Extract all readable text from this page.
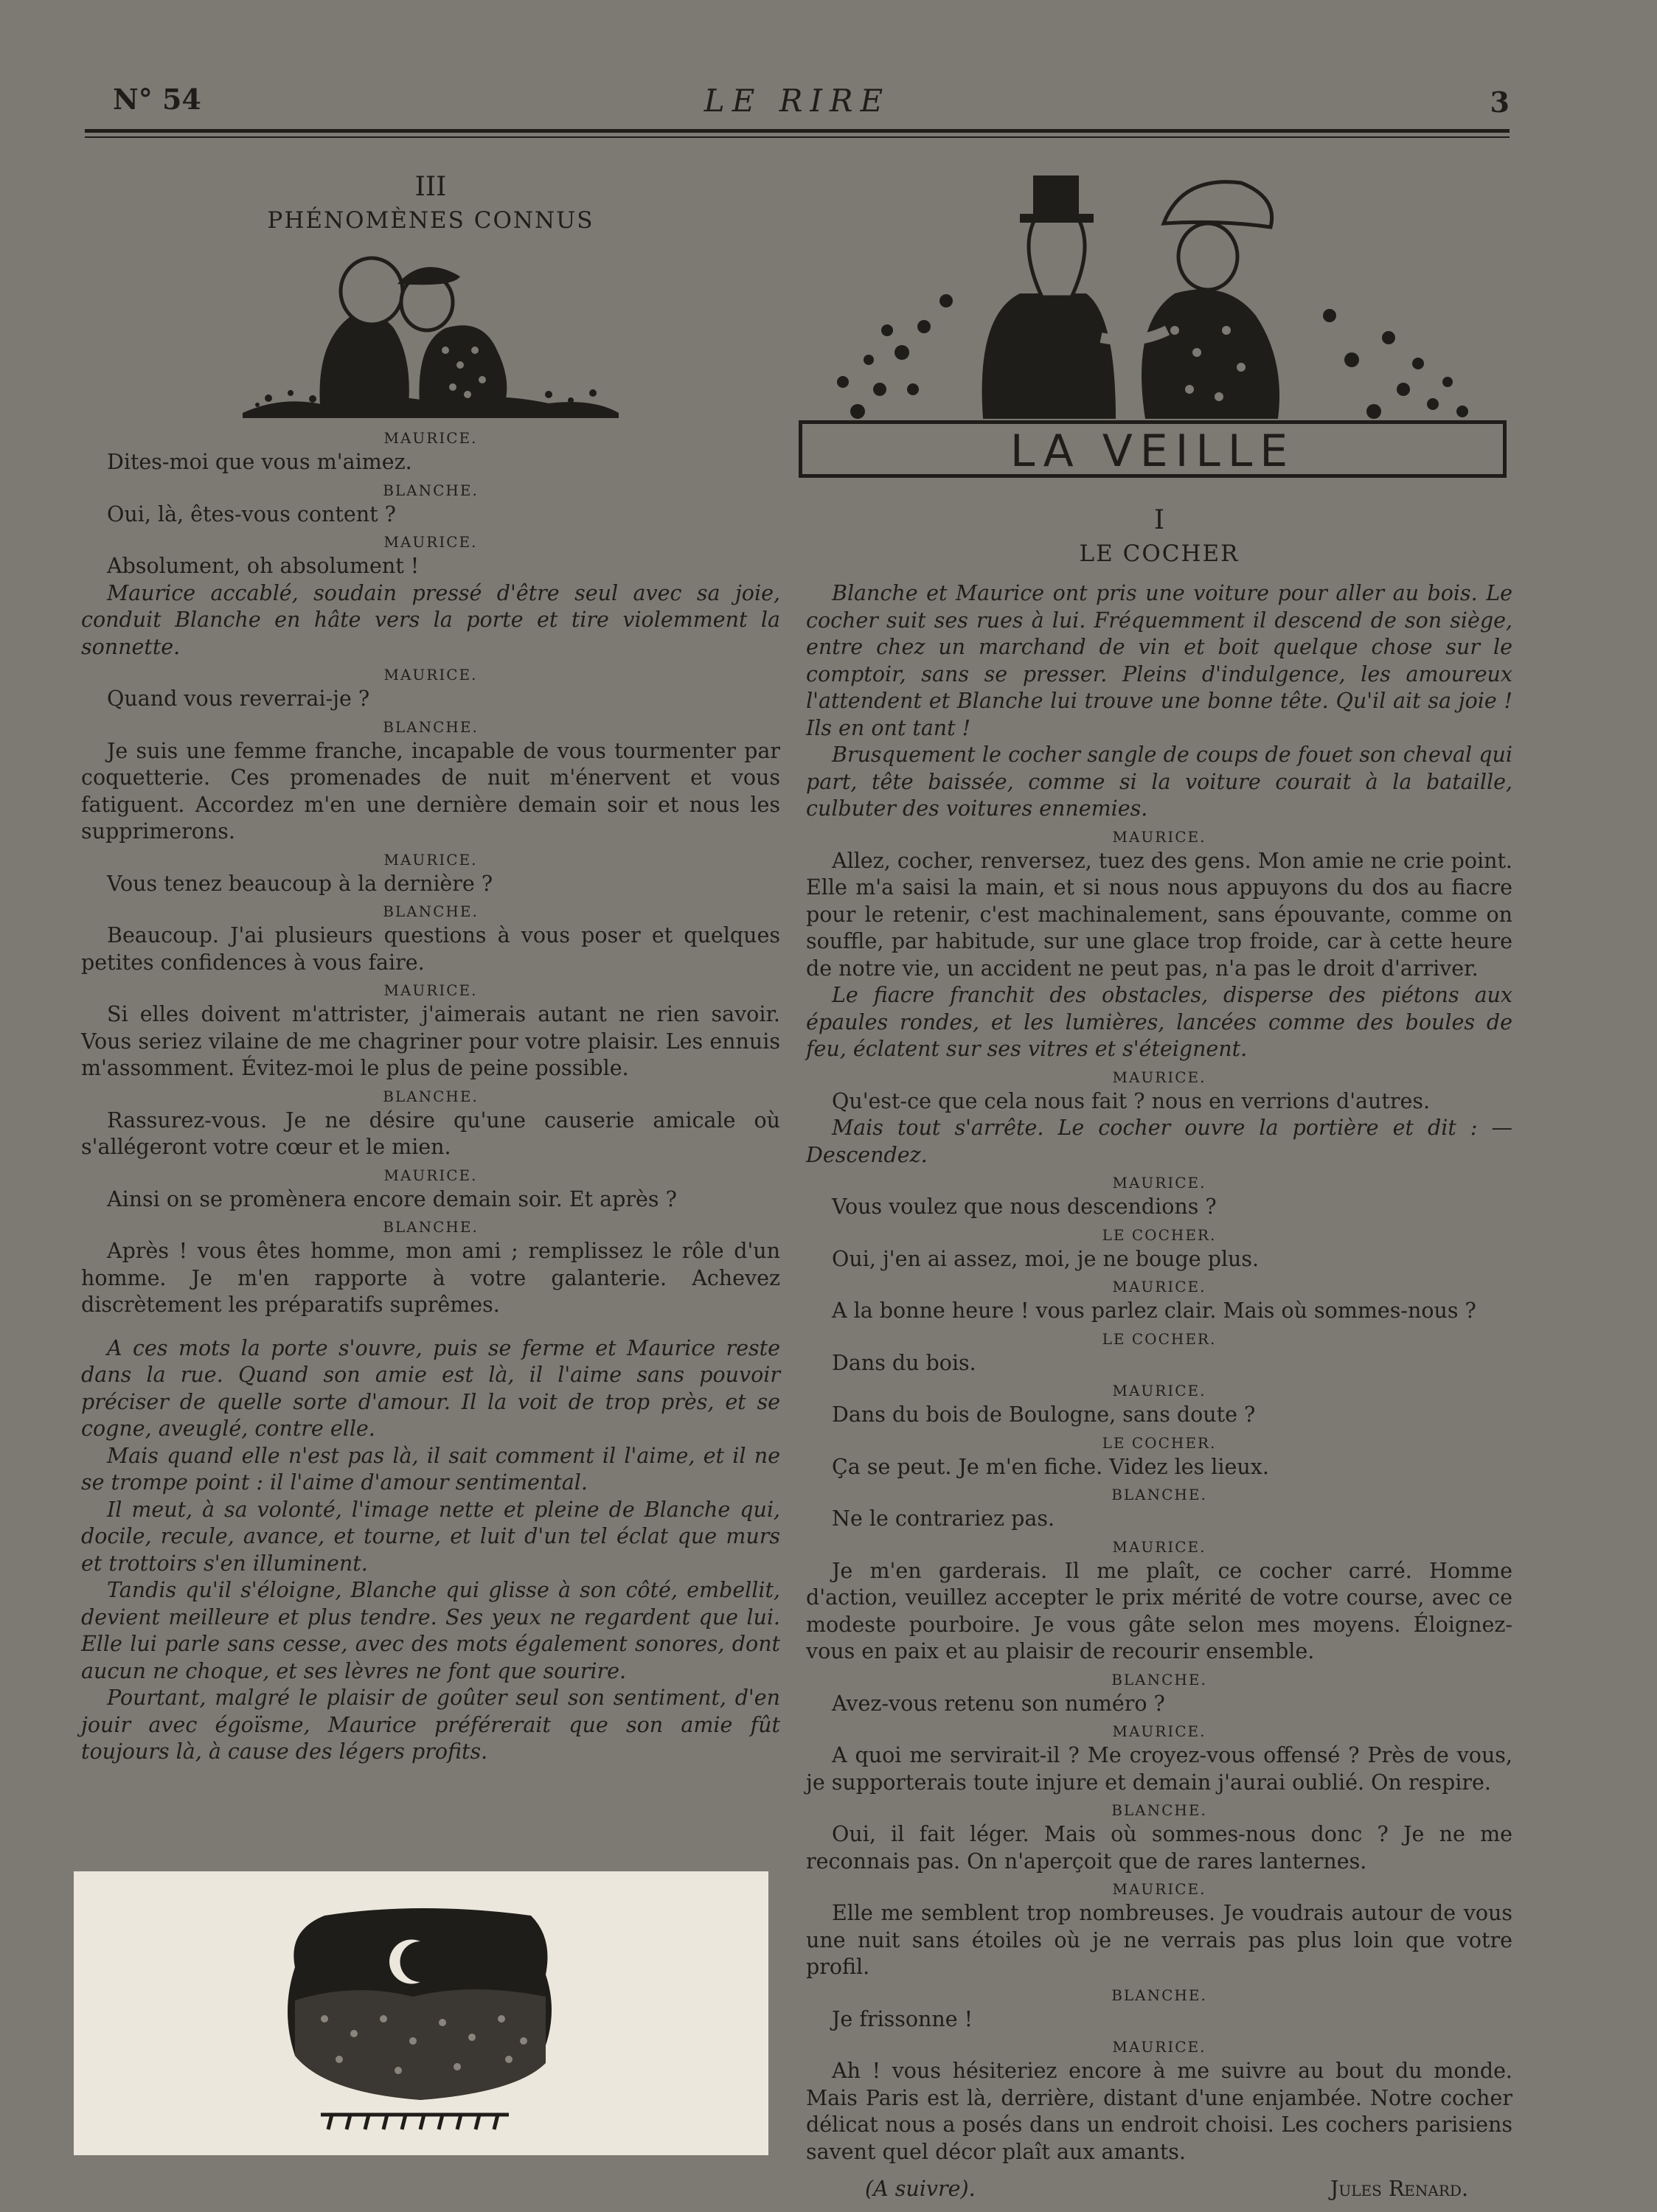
N° 54	LE RIRE	3
III
PHÉNOMÈNES CONNUS
MAURICE.

Dites-moi que vous m'aimez.

BLANCHE.

Oui, là, êtes-vous content ?

MAURICE.

Absolument, oh absolument !

Maurice accablé, soudain pressé d'être seul avec sa joie, conduit Blanche en hâte vers la porte et tire violemment la sonnette.

MAURICE.

Quand vous reverrai-je ?

BLANCHE.

Je suis une femme franche, incapable de vous tourmenter par coquetterie. Ces promenades de nuit m'énervent et vous fatiguent. Accordez m'en une dernière demain soir et nous les supprimerons.

MAURICE.

Vous tenez beaucoup à la dernière ?

BLANCHE.

Beaucoup. J'ai plusieurs questions à vous poser et quelques petites confidences à vous faire.

MAURICE.

Si elles doivent m'attrister, j'aimerais autant ne rien savoir. Vous seriez vilaine de me chagriner pour votre plaisir. Les ennuis m'assomment. Évitez-moi le plus de peine possible.

BLANCHE.

Rassurez-vous. Je ne désire qu'une causerie amicale où s'allégeront votre cœur et le mien.

MAURICE.

Ainsi on se promènera encore demain soir. Et après ?

BLANCHE.

Après ! vous êtes homme, mon ami ; remplissez le rôle d'un homme. Je m'en rapporte à votre galanterie. Achevez discrètement les préparatifs suprêmes.

A ces mots la porte s'ouvre, puis se ferme et Maurice reste dans la rue. Quand son amie est là, il l'aime sans pouvoir préciser de quelle sorte d'amour. Il la voit de trop près, et se cogne, aveuglé, contre elle.

Mais quand elle n'est pas là, il sait comment il l'aime, et il ne se trompe point : il l'aime d'amour sentimental.

Il meut, à sa volonté, l'image nette et pleine de Blanche qui, docile, recule, avance, et tourne, et luit d'un tel éclat que murs et trottoirs s'en illuminent.

Tandis qu'il s'éloigne, Blanche qui glisse à son côté, embellit, devient meilleure et plus tendre. Ses yeux ne regardent que lui. Elle lui parle sans cesse, avec des mots également sonores, dont aucun ne choque, et ses lèvres ne font que sourire.

Pourtant, malgré le plaisir de goûter seul son sentiment, d'en jouir avec égoïsme, Maurice préférerait que son amie fût toujours là, à cause des légers profits.

LA VEILLE
I
LE COCHER

Blanche et Maurice ont pris une voiture pour aller au bois. Le cocher suit ses rues à lui. Fréquemment il descend de son siège, entre chez un marchand de vin et boit quelque chose sur le comptoir, sans se presser. Pleins d'indulgence, les amoureux l'attendent et Blanche lui trouve une bonne tête. Qu'il ait sa joie ! Ils en ont tant !

Brusquement le cocher sangle de coups de fouet son cheval qui part, tête baissée, comme si la voiture courait à la bataille, culbuter des voitures ennemies.

MAURICE.

Allez, cocher, renversez, tuez des gens. Mon amie ne crie point. Elle m'a saisi la main, et si nous nous appuyons du dos au fiacre pour le retenir, c'est machinalement, sans épouvante, comme on souffle, par habitude, sur une glace trop froide, car à cette heure de notre vie, un accident ne peut pas, n'a pas le droit d'arriver.

Le fiacre franchit des obstacles, disperse des piétons aux épaules rondes, et les lumières, lancées comme des boules de feu, éclatent sur ses vitres et s'éteignent.

MAURICE.

Qu'est-ce que cela nous fait ? nous en verrions d'autres.

Mais tout s'arrête. Le cocher ouvre la portière et dit : — Descendez.

MAURICE.

Vous voulez que nous descendions ?

LE COCHER.

Oui, j'en ai assez, moi, je ne bouge plus.

MAURICE.

A la bonne heure ! vous parlez clair. Mais où sommes-nous ?

LE COCHER.

Dans du bois.

MAURICE.

Dans du bois de Boulogne, sans doute ?

LE COCHER.

Ça se peut. Je m'en fiche. Videz les lieux.

BLANCHE.

Ne le contrariez pas.

MAURICE.

Je m'en garderais. Il me plaît, ce cocher carré. Homme d'action, veuillez accepter le prix mérité de votre course, avec ce modeste pourboire. Je vous gâte selon mes moyens. Éloignez-vous en paix et au plaisir de recourir ensemble.

BLANCHE.

Avez-vous retenu son numéro ?

MAURICE.

A quoi me servirait-il ? Me croyez-vous offensé ? Près de vous, je supporterais toute injure et demain j'aurai oublié. On respire.

BLANCHE.

Oui, il fait léger. Mais où sommes-nous donc ? Je ne me reconnais pas. On n'aperçoit que de rares lanternes.

MAURICE.

Elle me semblent trop nombreuses. Je voudrais autour de vous une nuit sans étoiles où je ne verrais pas plus loin que votre profil.

BLANCHE.

Je frissonne !

MAURICE.

Ah ! vous hésiteriez encore à me suivre au bout du monde. Mais Paris est là, derrière, distant d'une enjambée. Notre cocher délicat nous a posés dans un endroit choisi. Les cochers parisiens savent quel décor plaît aux amants.

(A suivre).	Jules Renard.
